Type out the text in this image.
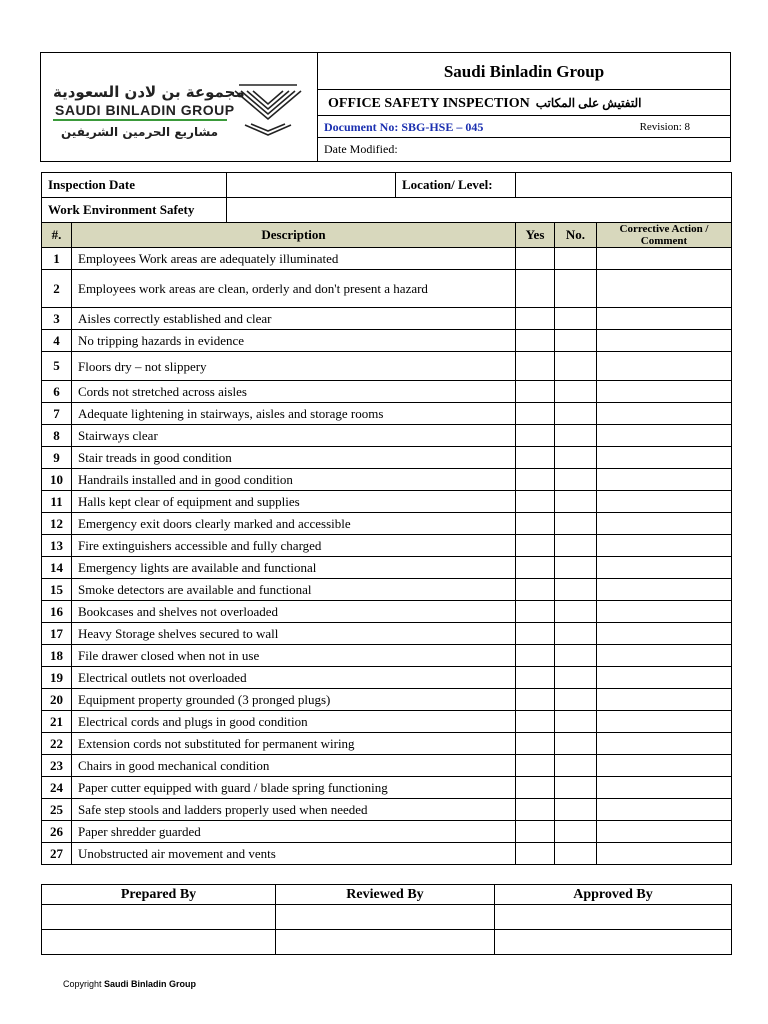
مجموعة بن لادن السعودية
SAUDI BINLADIN GROUP
مشاريع الحرمين الشريفين
Saudi Binladin Group
OFFICE SAFETY INSPECTION التفتيش على المكاتب
Document No: SBG-HSE – 045	Revision: 8
Date Modified:
Inspection Date			Location/ Level:			
Work Environment Safety						
#.	Description			Yes	No.	Corrective Action / Comment
1	Employees Work areas are adequately illuminated					
2	Employees work areas are clean, orderly and don't present a hazard					
3	Aisles correctly established and clear					
4	No tripping hazards in evidence					
5	Floors dry – not slippery					
6	Cords not stretched across aisles					
7	Adequate lightening in stairways, aisles and storage rooms					
8	Stairways clear					
9	Stair treads in good condition					
10	Handrails installed and in good condition					
11	Halls kept clear of equipment and supplies					
12	Emergency exit doors clearly marked and accessible					
13	Fire extinguishers accessible and fully charged					
14	Emergency lights are available and functional					
15	Smoke detectors are available and functional					
16	Bookcases and shelves not overloaded					
17	Heavy Storage shelves secured to wall					
18	File drawer closed when not in use					
19	Electrical outlets not overloaded					
20	Equipment property grounded (3 pronged plugs)					
21	Electrical cords and plugs in good condition					
22	Extension cords not substituted for permanent wiring					
23	Chairs in good mechanical condition					
24	Paper cutter equipped with guard / blade spring functioning					
25	Safe step stools and ladders properly used when needed					
26	Paper shredder guarded					
27	Unobstructed air movement and vents					
Prepared By	Reviewed By	Approved By

Copyright Saudi Binladin Group
